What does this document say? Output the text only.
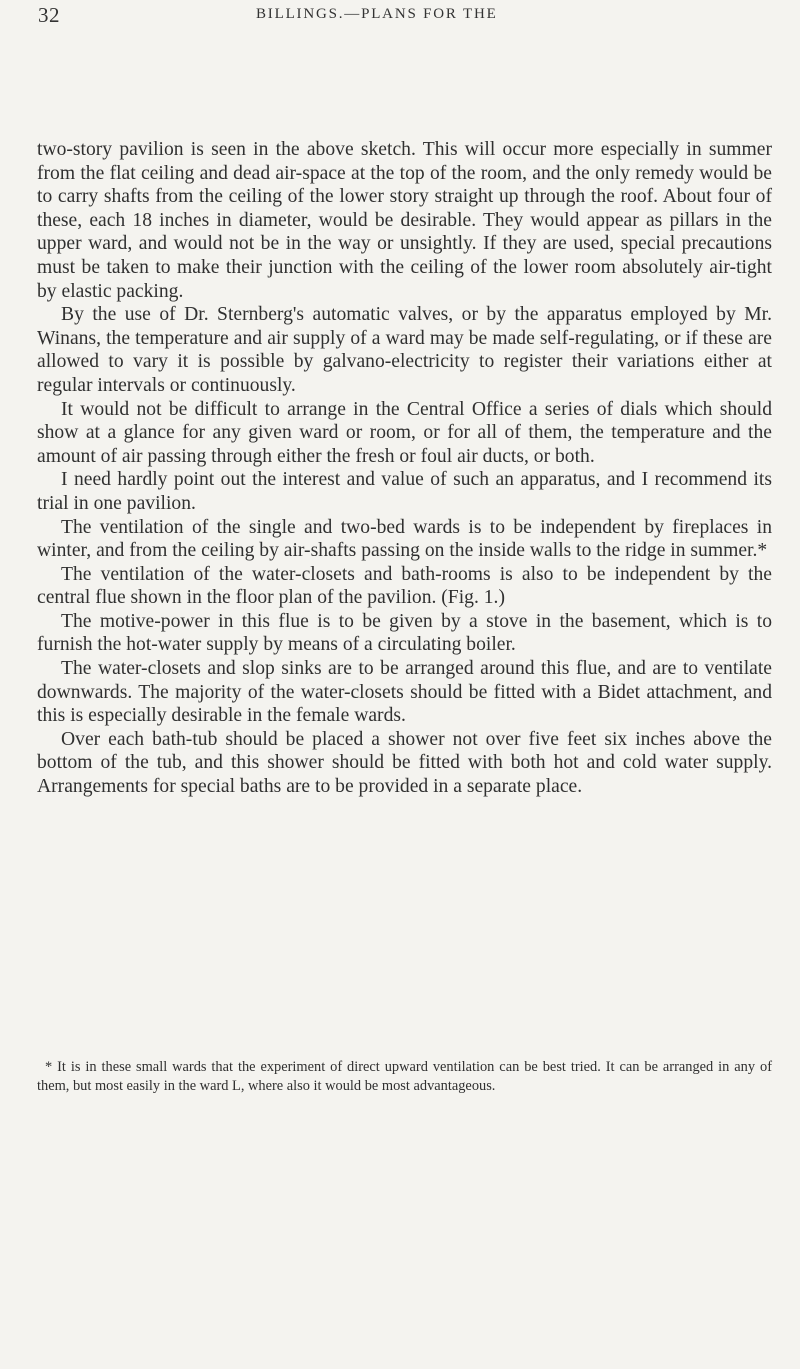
32	BILLINGS.—PLANS FOR THE

two-story pavilion is seen in the above sketch. This will occur more especially in summer from the flat ceiling and dead air-space at the top of the room, and the only remedy would be to carry shafts from the ceiling of the lower story straight up through the roof. About four of these, each 18 inches in diameter, would be desirable. They would appear as pillars in the upper ward, and would not be in the way or unsightly. If they are used, special precautions must be taken to make their junction with the ceiling of the lower room absolutely air-tight by elastic packing.

By the use of Dr. Sternberg's automatic valves, or by the apparatus employed by Mr. Winans, the temperature and air supply of a ward may be made self-regulating, or if these are allowed to vary it is possible by galvano-electricity to register their variations either at regular intervals or continuously.

It would not be difficult to arrange in the Central Office a series of dials which should show at a glance for any given ward or room, or for all of them, the temperature and the amount of air passing through either the fresh or foul air ducts, or both.

I need hardly point out the interest and value of such an apparatus, and I recommend its trial in one pavilion.

The ventilation of the single and two-bed wards is to be independent by fireplaces in winter, and from the ceiling by air-shafts passing on the inside walls to the ridge in summer.*

The ventilation of the water-closets and bath-rooms is also to be independent by the central flue shown in the floor plan of the pavilion. (Fig. 1.)

The motive-power in this flue is to be given by a stove in the basement, which is to furnish the hot-water supply by means of a circulating boiler.

The water-closets and slop sinks are to be arranged around this flue, and are to ventilate downwards. The majority of the water-closets should be fitted with a Bidet attachment, and this is especially desirable in the female wards.

Over each bath-tub should be placed a shower not over five feet six inches above the bottom of the tub, and this shower should be fitted with both hot and cold water supply. Arrangements for special baths are to be provided in a separate place.

* It is in these small wards that the experiment of direct upward ventilation can be best tried. It can be arranged in any of them, but most easily in the ward L, where also it would be most advantageous.
